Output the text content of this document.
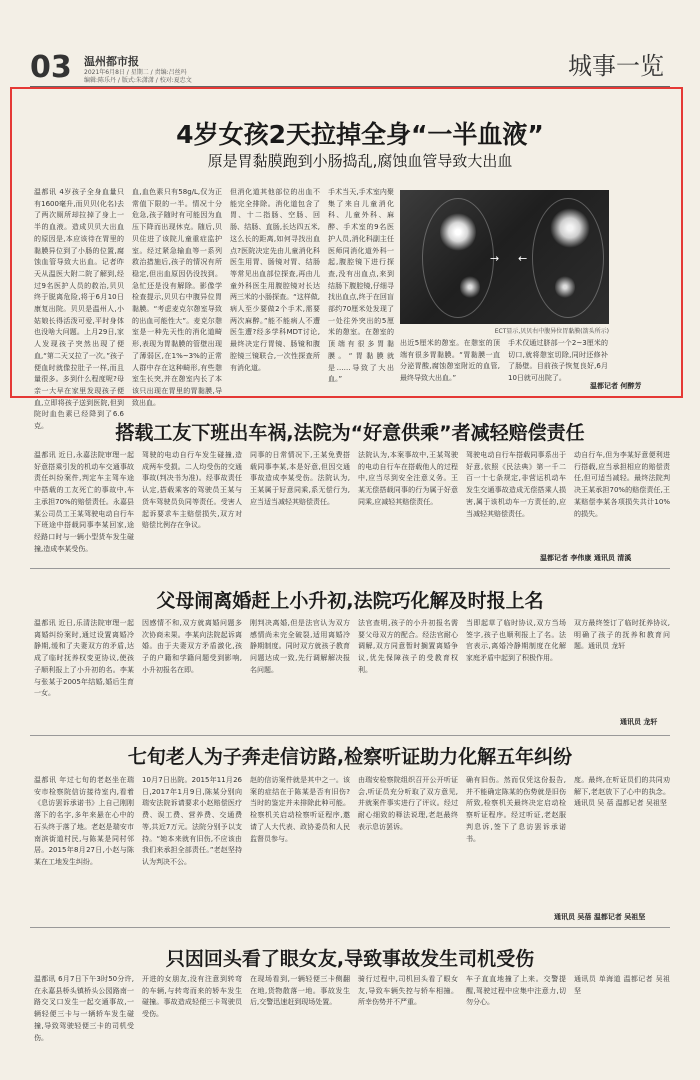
03 温州都市报
2021年6月8日 / 星期二 / 责编:吕丝玛
编辑:陈乐丹 / 版式:朱潇潇 / 校对:夏忠文
城事一览
4岁女孩2天拉掉全身“一半血液”
原是胃黏膜跑到小肠捣乱,腐蚀血管导致大出血
温都讯 4岁孩子全身血量只有1600毫升,而贝贝(化名)去了两次厕所却拉掉了身上一半的血液。造成贝贝大出血的原因是,本应该待在胃里的黏膜异位到了小肠的位置,腐蚀血管导致大出血。记者昨天从温医大附二院了解到,经过9名医护人员的救治,贝贝终于脱离危险,将于6月10日康复出院。贝贝是温州人,小姑娘长得活泼可爱,平时身体也没啥大问题。上月29日,家人发现孩子突然出现了便血,“第二天又拉了一次。”孩子便血时就像拉肚子一样,而且量很多。多到什么程度呢?母亲一大早在家里发现孩子便血,立即将孩子送到医院,但到院时血色素已经降到了6.6克。
血,血色素只有58g/L,仅为正常值下限的一半。情况十分危急,孩子随时有可能因为血压下降而出现休克。随后,贝贝住进了该院儿童重症监护室。经过紧急输血等一系列救治措施后,孩子的情况有所稳定,但出血原因仍没找到。急忙还是没有解除。影像学检查提示,贝贝右中腹异位胃黏膜。“考虑麦克尔憩室导致的出血可能性大”。麦克尔憩室是一种先天性的消化道畸形,表现为胃黏膜的管壁出现了薄弱区,在1%~3%的正常人群中存在这种畸形,有些憩室生长突,并在憩室内长了本该只出现在胃里的胃黏膜,导致出血。
但消化道其他部位的出血不能完全排除。消化道包含了胃、十二指肠、空肠、回肠、结肠、直肠,长达四五米,这么长的距离,如何寻找出血点?医院决定先由儿童消化科医生用胃、肠镜对胃、结肠等常见出血部位探查,再由儿童外科医生用腹腔镜对长达两三米的小肠探查。“这样做,病人至少要做2个手术,需要两次麻醉。”能不能病人不遭医生遭?经多学科MDT讨论,最终决定行胃镜、肠镜和腹腔镜三镜联合,一次性探查所有消化道。
手术当天,手术室内聚集了来自儿童消化科、儿童外科、麻醉、手术室的9名医护人员,消化科副主任医师同消化道外科一起,腹腔镜下进行探查,没有出血点,来到结肠下腹腔镜,仔细寻找出血点,终于在回盲部约70厘米处发现了一处往外突出的5厘米的憩室。在憩室的顶端有很多胃黏膜。“胃黏膜就是……导致了大出血。”
→ ←
ECT显示,贝贝右中腹异位胃黏膜(箭头所示)
出近5厘米的憩室。在憩室的顶端有很多胃黏膜。“胃黏膜一直分泌胃酸,腐蚀憩室附近的血管,最终导致大出血。”
手术仅通过脐部一个2~3厘米的切口,就将憩室切除,同时还修补了肠壁。目前孩子恢复良好,6月10日就可出院了。
温都记者 何醉芳
搭载工友下班出车祸,法院为“好意供乘”者减轻赔偿责任
温都讯 近日,永嘉法院审理一起好意搭乘引发的机动车交通事故责任纠纷案件,判定车主驾车途中搭载的工友死亡的事故中,车主承担70%的赔偿责任。永嘉县某公司员工王某驾驶电动自行车下班途中搭载同事李某回家,途经路口时与一辆小型货车发生碰撞,造成李某受伤。
驾驶的电动自行车发生碰撞,造成两车受损。二人均受伤的交通事故(判决书为准)。经事故责任认定,搭载乘客的驾驶员王某与货车驾驶员负同等责任。受害人起诉要求车主赔偿损失,双方对赔偿比例存在争议。
同事的日常情况下,王某免费搭载同事李某,本是好意,但因交通事故造成李某受伤。法院认为,王某属于好意同乘,系无偿行为,应当适当减轻其赔偿责任。
法院认为,本案事故中,王某驾驶的电动自行车在搭载他人的过程中,应当尽到安全注意义务。王某无偿搭载同事的行为属于好意同乘,应减轻其赔偿责任。
驾驶电动自行车搭载同事系出于好意,依照《民法典》第一千二百一十七条规定,非营运机动车发生交通事故造成无偿搭乘人损害,属于该机动车一方责任的,应当减轻其赔偿责任。
动自行车,但为李某好意便利进行搭载,应当承担相应的赔偿责任,但可适当减轻。最终法院判决王某承担70%的赔偿责任,王某赔偿李某各项损失共计10%的损失。
温都记者 李伟康 通讯员 清溪
父母闹离婚赶上小升初,法院巧化解及时报上名
温都讯 近日,乐清法院审理一起离婚纠纷案时,通过设置离婚冷静期,缓和了夫妻双方的矛盾,达成了临时抚养权变更协议,使孩子顺利报上了小升初的名。李某与张某于2005年结婚,婚后生育一女。
因感情不和,双方就离婚问题多次协商未果。李某向法院起诉离婚。由于夫妻双方矛盾激化,孩子的户籍和学籍问题受到影响,小升初报名在即。
刚判决离婚,但是法官认为双方感情尚未完全破裂,适用离婚冷静期制度。同时双方就孩子教育问题达成一致,先行调解解决报名问题。
法官查明,孩子的小升初报名需要父母双方的配合。经法官耐心调解,双方同意暂时搁置离婚争议,优先保障孩子的受教育权利。
当即起草了临时协议,双方当场签字,孩子也顺利报上了名。法官表示,离婚冷静期制度在化解家庭矛盾中起到了积极作用。
双方最终签订了临时抚养协议,明确了孩子的抚养和教育问题。通讯员 龙轩
通讯员 龙轩
七旬老人为子奔走信访路,检察听证助力化解五年纠纷
温都讯 年过七旬的老赵坐在瑞安市检察院信访接待室内,看着《息访罢诉承诺书》上自己刚刚落下的名字,多年来悬在心中的石头终于落了地。老赵是瑞安市南滨街道村民,与陈某是同村邻居。2015年8月27日,小赵与陈某在工地发生纠纷。
10月7日出院。2015年11月26日,2017年1月9日,陈某分别向瑞安法院诉请要求小赵赔偿医疗费、误工费、营养费、交通费等,共近7万元。法院分别予以支持。“她本来就有旧伤,不应该由我们来承担全部责任。”老赵坚持认为判决不公。
赵的信访案件就是其中之一。该案的症结在于陈某是否有旧伤?当时的鉴定并未排除此种可能。检察机关启动检察听证程序,邀请了人大代表、政协委员和人民监督员参与。
由瑞安检察院组织召开公开听证会,听证员充分听取了双方意见,并就案件事实进行了评议。经过耐心细致的释法说理,老赵最终表示息访罢诉。
确有旧伤。然而仅凭这份报告,并不能确定陈某的伤势就是旧伤所致,检察机关最终决定启动检察听证程序。经过听证,老赵服判息诉,签下了息访罢诉承诺书。
度。最终,在听证员们的共同劝解下,老赵放下了心中的执念。通讯员 吴 蓓 温都记者 吴祖坚
通讯员 吴蓓 温都记者 吴祖坚
只因回头看了眼女友,导致事故发生司机受伤
温都讯 6月7日下午3时50分许,在永嘉县桥头镇桥头公园路南一路交叉口发生一起交通事故,一辆轻便三卡与一辆轿车发生碰撞,导致驾驶轻便三卡的司机受伤。
开进的女朋友,没有注意到转弯的车辆,与转弯而来的轿车发生碰撞。事故造成轻便三卡驾驶员受伤。
在现场看到,一辆轻便三卡侧翻在地,货物散落一地。事故发生后,交警迅速赶到现场处置。
骑行过程中,司机回头看了眼女友,导致车辆失控与轿车相撞。所幸伤势并不严重。
车子直直地撞了上来。交警提醒,驾驶过程中应集中注意力,切勿分心。
通讯员 单海道 温都记者 吴祖坚
